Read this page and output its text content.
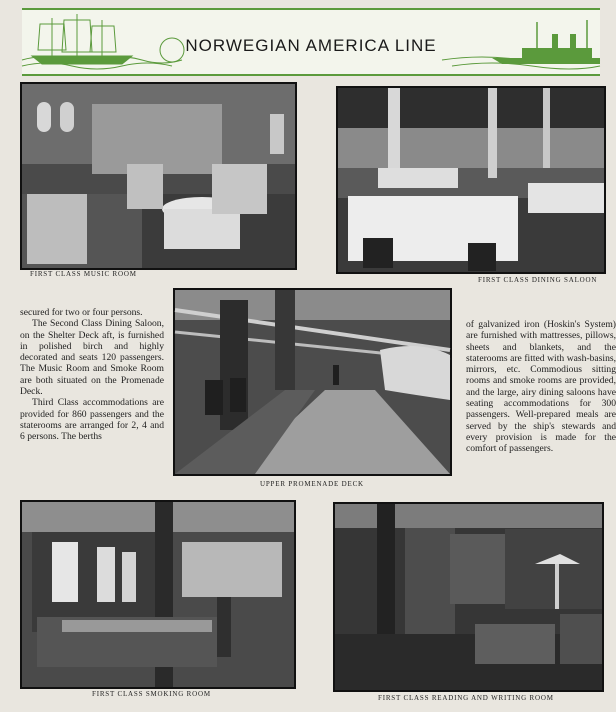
NORWEGIAN AMERICA LINE
FIRST CLASS MUSIC ROOM
FIRST CLASS DINING SALOON

secured for two or four persons.

The Second Class Dining Saloon, on the Shelter Deck aft, is furnished in polished birch and highly decorated and seats 120 passengers. The Music Room and Smoke Room are both situated on the Promenade Deck.

Third Class accommodations are provided for 860 passengers and the staterooms are arranged for 2, 4 and 6 persons. The berths

UPPER PROMENADE DECK

of galvanized iron (Hoskin's System) are furnished with mattresses, pillows, sheets and blankets, and the staterooms are fitted with wash-basins, mirrors, etc. Commodious sitting rooms and smoke rooms are provided, and the large, airy dining saloons have seating accommodations for 300 passengers. Well-prepared meals are served by the ship's stewards and every provision is made for the comfort of passengers.

FIRST CLASS SMOKING ROOM	FIRST CLASS READING AND WRITING ROOM
